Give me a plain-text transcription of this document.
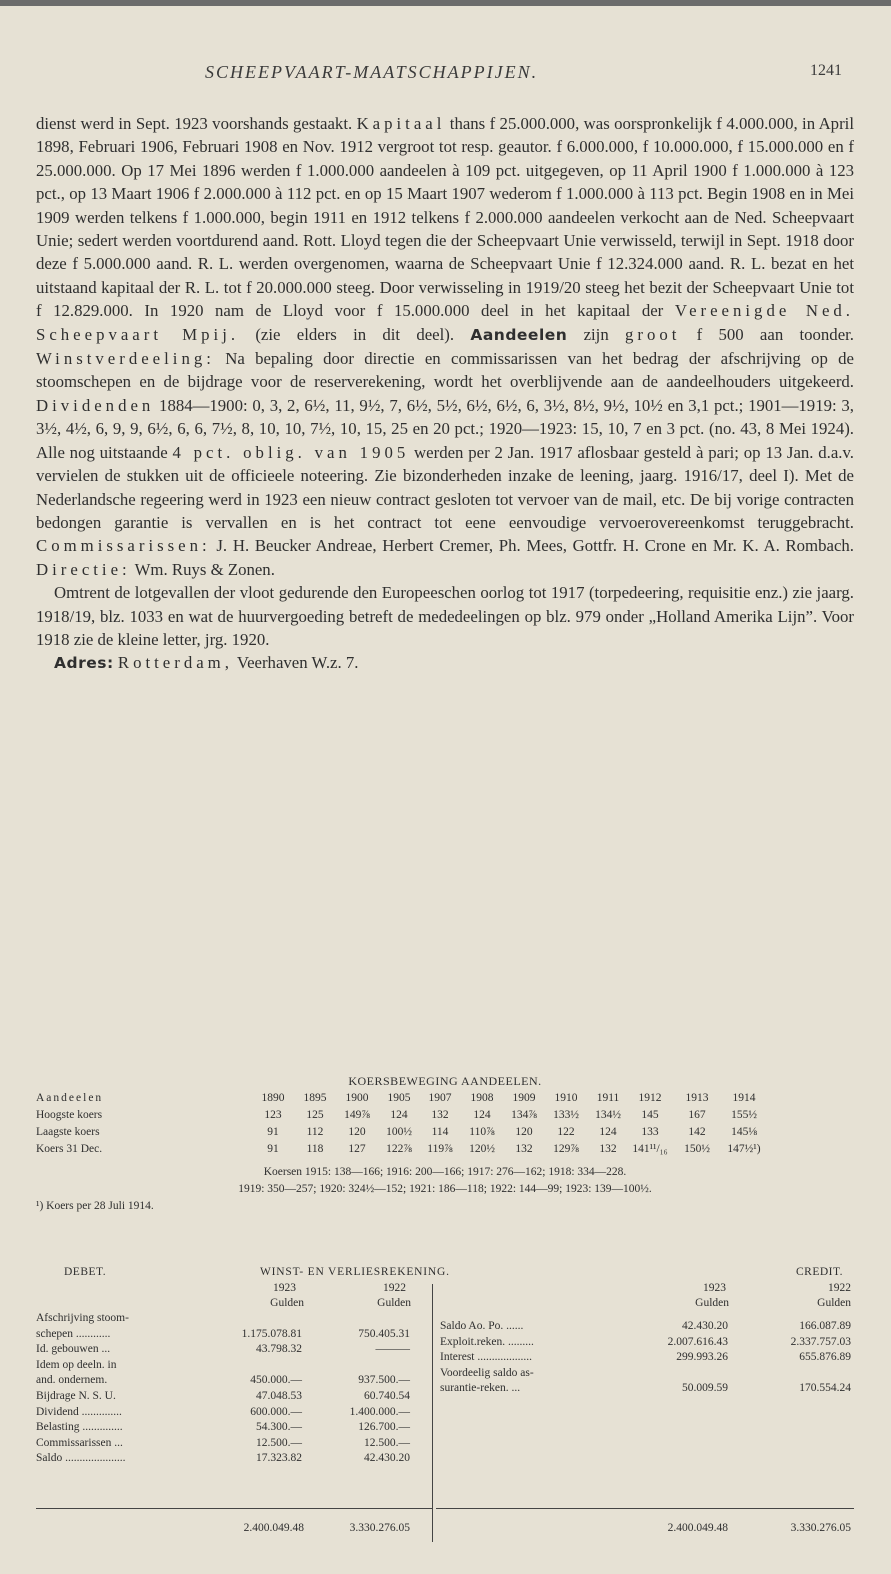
SCHEEPVAART-MAATSCHAPPIJEN.	1241

dienst werd in Sept. 1923 voorshands gestaakt. Kapitaal thans f 25.000.000, was oorspronkelijk f 4.000.000, in April 1898, Februari 1906, Februari 1908 en Nov. 1912 vergroot tot resp. geautor. f 6.000.000, f 10.000.000, f 15.000.000 en f 25.000.000. Op 17 Mei 1896 werden f 1.000.000 aandeelen à 109 pct. uitgegeven, op 11 April 1900 f 1.000.000 à 123 pct., op 13 Maart 1906 f 2.000.000 à 112 pct. en op 15 Maart 1907 wederom f 1.000.000 à 113 pct. Begin 1908 en in Mei 1909 werden telkens f 1.000.000, begin 1911 en 1912 telkens f 2.000.000 aandeelen verkocht aan de Ned. Scheepvaart Unie; sedert werden voortdurend aand. Rott. Lloyd tegen die der Scheepvaart Unie verwisseld, terwijl in Sept. 1918 door deze f 5.000.000 aand. R. L. werden overgenomen, waarna de Scheepvaart Unie f 12.324.000 aand. R. L. bezat en het uitstaand kapitaal der R. L. tot f 20.000.000 steeg. Door verwisseling in 1919/20 steeg het bezit der Scheepvaart Unie tot f 12.829.000. In 1920 nam de Lloyd voor f 15.000.000 deel in het kapitaal der Vereenigde Ned. Scheepvaart Mpij. (zie elders in dit deel). Aandeelen zijn groot f 500 aan toonder. Winstverdeeling: Na bepaling door directie en commissarissen van het bedrag der afschrijving op de stoomschepen en de bijdrage voor de reserverekening, wordt het overblijvende aan de aandeelhouders uitgekeerd. Dividenden 1884—1900: 0, 3, 2, 6½, 11, 9½, 7, 6½, 5½, 6½, 6½, 6, 3½, 8½, 9½, 10½ en 3,1 pct.; 1901—1919: 3, 3½, 4½, 6, 9, 9, 6½, 6, 6, 7½, 8, 10, 10, 7½, 10, 15, 25 en 20 pct.; 1920—1923: 15, 10, 7 en 3 pct. (no. 43, 8 Mei 1924). Alle nog uitstaande 4 pct. oblig. van 1905 werden per 2 Jan. 1917 aflosbaar gesteld à pari; op 13 Jan. d.a.v. vervielen de stukken uit de officieele noteering. Zie bizonderheden inzake de leening, jaarg. 1916/17, deel I). Met de Nederlandsche regeering werd in 1923 een nieuw contract gesloten tot vervoer van de mail, etc. De bij vorige contracten bedongen garantie is vervallen en is het contract tot eene eenvoudige vervoerovereenkomst teruggebracht. Commissarissen: J. H. Beucker Andreae, Herbert Cremer, Ph. Mees, Gottfr. H. Crone en Mr. K. A. Rombach. Directie: Wm. Ruys & Zonen.

Omtrent de lotgevallen der vloot gedurende den Europeeschen oorlog tot 1917 (torpedeering, requisitie enz.) zie jaarg. 1918/19, blz. 1033 en wat de huurvergoeding betreft de mededeelingen op blz. 979 onder „Holland Amerika Lijn”. Voor 1918 zie de kleine letter, jrg. 1920.

Adres: Rotterdam, Veerhaven W.z. 7.

KOERSBEWEGING AANDEELEN.
Aandeelen	1890	1895	1900	1905	1907	1908	1909	1910	1911	1912	1913	1914
Hoogste koers	123	125	149⅞	124	132	124	134⅞	133½	134½	145	167	155½
Laagste koers	91	112	120	100½	114	110⅞	120	122	124	133	142	145⅛
Koers 31 Dec.	91	118	127	122⅞	119⅞	120½	132	129⅞	132	141¹¹/₁₆	150½	147½¹)
Koersen 1915: 138—166; 1916: 200—166; 1917: 276—162; 1918: 334—228.
1919: 350—257; 1920: 324½—152; 1921: 186—118; 1922: 144—99; 1923: 139—100½.
¹) Koers per 28 Juli 1914.
DEBET.	WINST- EN VERLIESREKENING.	CREDIT.
1923	1922
Gulden	Gulden
1923	1922
Gulden	Gulden
Afschrijving stoom-
schepen ............	1.175.078.81	750.405.31
Id. gebouwen ...	43.798.32	———
Idem op deeln. in
and. ondernem.	450.000.—	937.500.—
Bijdrage N. S. U.	47.048.53	60.740.54
Dividend ..............	600.000.—	1.400.000.—
Belasting ..............	54.300.—	126.700.—
Commissarissen ...	12.500.—	12.500.—
Saldo .....................	17.323.82	42.430.20
Saldo Ao. Po. ......	42.430.20	166.087.89
Exploit.reken. .........	2.007.616.43	2.337.757.03
Interest ...................	299.993.26	655.876.89
Voordeelig saldo as-
surantie-reken. ...	50.009.59	170.554.24
2.400.049.48	3.330.276.05	2.400.049.48	3.330.276.05
